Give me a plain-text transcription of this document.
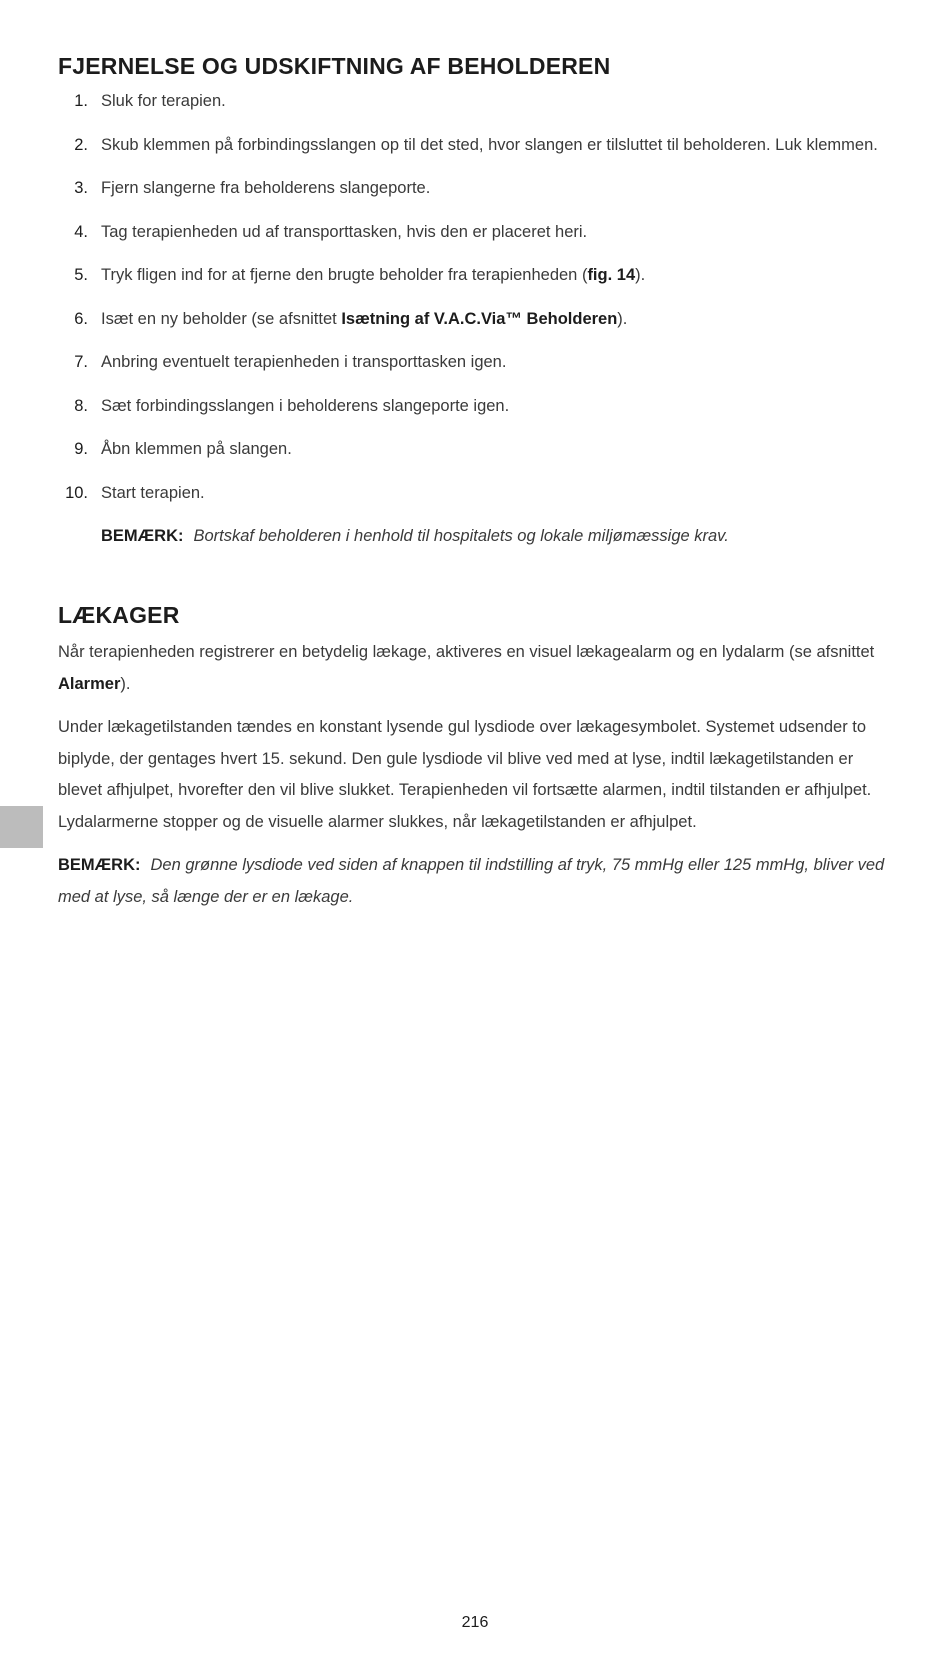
FJERNELSE OG UDSKIFTNING AF BEHOLDEREN
1. Sluk for terapien.
2. Skub klemmen på forbindingsslangen op til det sted, hvor slangen er tilsluttet til beholderen. Luk klemmen.
3. Fjern slangerne fra beholderens slangeporte.
4. Tag terapienheden ud af transporttasken, hvis den er placeret heri.
5. Tryk fligen ind for at fjerne den brugte beholder fra terapienheden (fig. 14).
6. Isæt en ny beholder (se afsnittet Isætning af V.A.C.Via™ Beholderen).
7. Anbring eventuelt terapienheden i transporttasken igen.
8. Sæt forbindingsslangen i beholderens slangeporte igen.
9. Åbn klemmen på slangen.
10. Start terapien.
BEMÆRK: Bortskaf beholderen i henhold til hospitalets og lokale miljømæssige krav.
LÆKAGER

Når terapienheden registrerer en betydelig lækage, aktiveres en visuel lækagealarm og en lydalarm (se afsnittet Alarmer).

Under lækagetilstanden tændes en konstant lysende gul lysdiode over lækagesymbolet. Systemet udsender to biplyde, der gentages hvert 15. sekund. Den gule lysdiode vil blive ved med at lyse, indtil lækagetilstanden er blevet afhjulpet, hvorefter den vil blive slukket. Terapienheden vil fortsætte alarmen, indtil tilstanden er afhjulpet. Lydalarmerne stopper og de visuelle alarmer slukkes, når lækagetilstanden er afhjulpet.

BEMÆRK: Den grønne lysdiode ved siden af knappen til indstilling af tryk, 75 mmHg eller 125 mmHg, bliver ved med at lyse, så længe der er en lækage.
216
